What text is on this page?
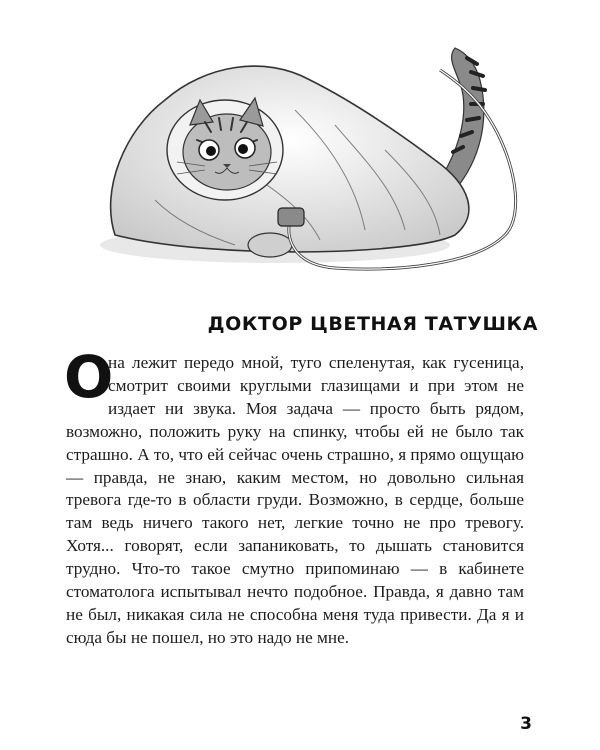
ДОКТОР ЦВЕТНАЯ ТАТУШКА
О
на лежит передо мной, туго спеленутая, как гусеница, смотрит своими круглыми глазищами и при этом не издает ни звука. Моя задача — просто быть рядом, возможно, положить руку на спинку, чтобы ей не было так страшно. А то, что ей сейчас очень страшно, я прямо ощущаю — правда, не знаю, каким местом, но довольно сильная тревога где-то в области груди. Возможно, в сердце, больше там ведь ничего такого нет, легкие точно не про тревогу. Хотя... говорят, если запаниковать, то дышать становится трудно. Что-то такое смутно припоминаю — в кабинете стоматолога испытывал нечто подобное. Правда, я давно там не был, никакая сила не способна меня туда привести. Да я и сюда бы не пошел, но это надо не мне.
3
